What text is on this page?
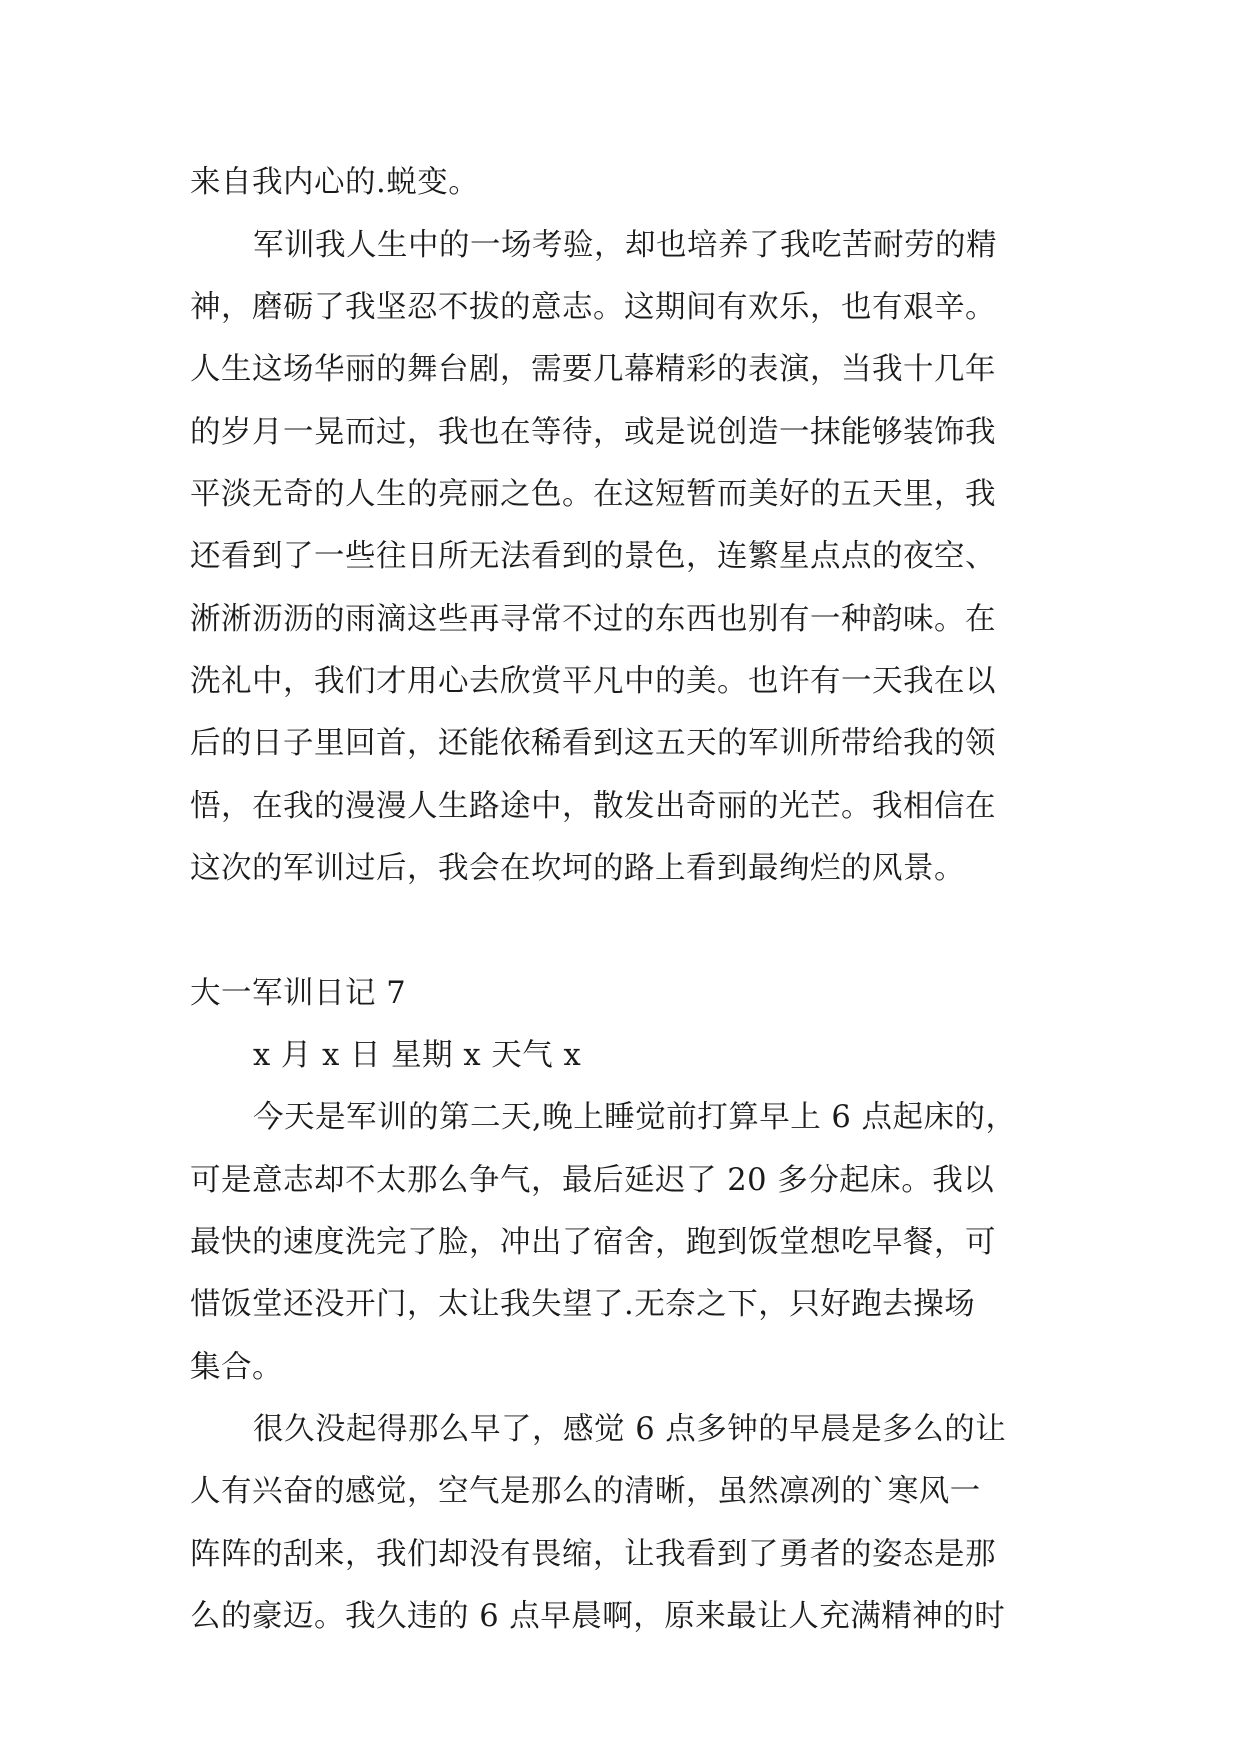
来自我内心的.蜕变。
军训我人生中的一场考验，却也培养了我吃苦耐劳的精
神，磨砺了我坚忍不拔的意志。这期间有欢乐，也有艰辛。
人生这场华丽的舞台剧，需要几幕精彩的表演，当我十几年
的岁月一晃而过，我也在等待，或是说创造一抹能够装饰我
平淡无奇的人生的亮丽之色。在这短暂而美好的五天里，我
还看到了一些往日所无法看到的景色，连繁星点点的夜空、
淅淅沥沥的雨滴这些再寻常不过的东西也别有一种韵味。在
洗礼中，我们才用心去欣赏平凡中的美。也许有一天我在以
后的日子里回首，还能依稀看到这五天的军训所带给我的领
悟，在我的漫漫人生路途中，散发出奇丽的光芒。我相信在
这次的军训过后，我会在坎坷的路上看到最绚烂的风景。
大一军训日记 7
x 月 x 日 星期 x 天气 x
今天是军训的第二天,晚上睡觉前打算早上 6 点起床的，
可是意志却不太那么争气，最后延迟了 20 多分起床。我以
最快的速度洗完了脸，冲出了宿舍，跑到饭堂想吃早餐，可
惜饭堂还没开门，太让我失望了.无奈之下，只好跑去操场
集合。
很久没起得那么早了，感觉 6 点多钟的早晨是多么的让
人有兴奋的感觉，空气是那么的清晰，虽然凛冽的`寒风一
阵阵的刮来，我们却没有畏缩，让我看到了勇者的姿态是那
么的豪迈。我久违的 6 点早晨啊，原来最让人充满精神的时
